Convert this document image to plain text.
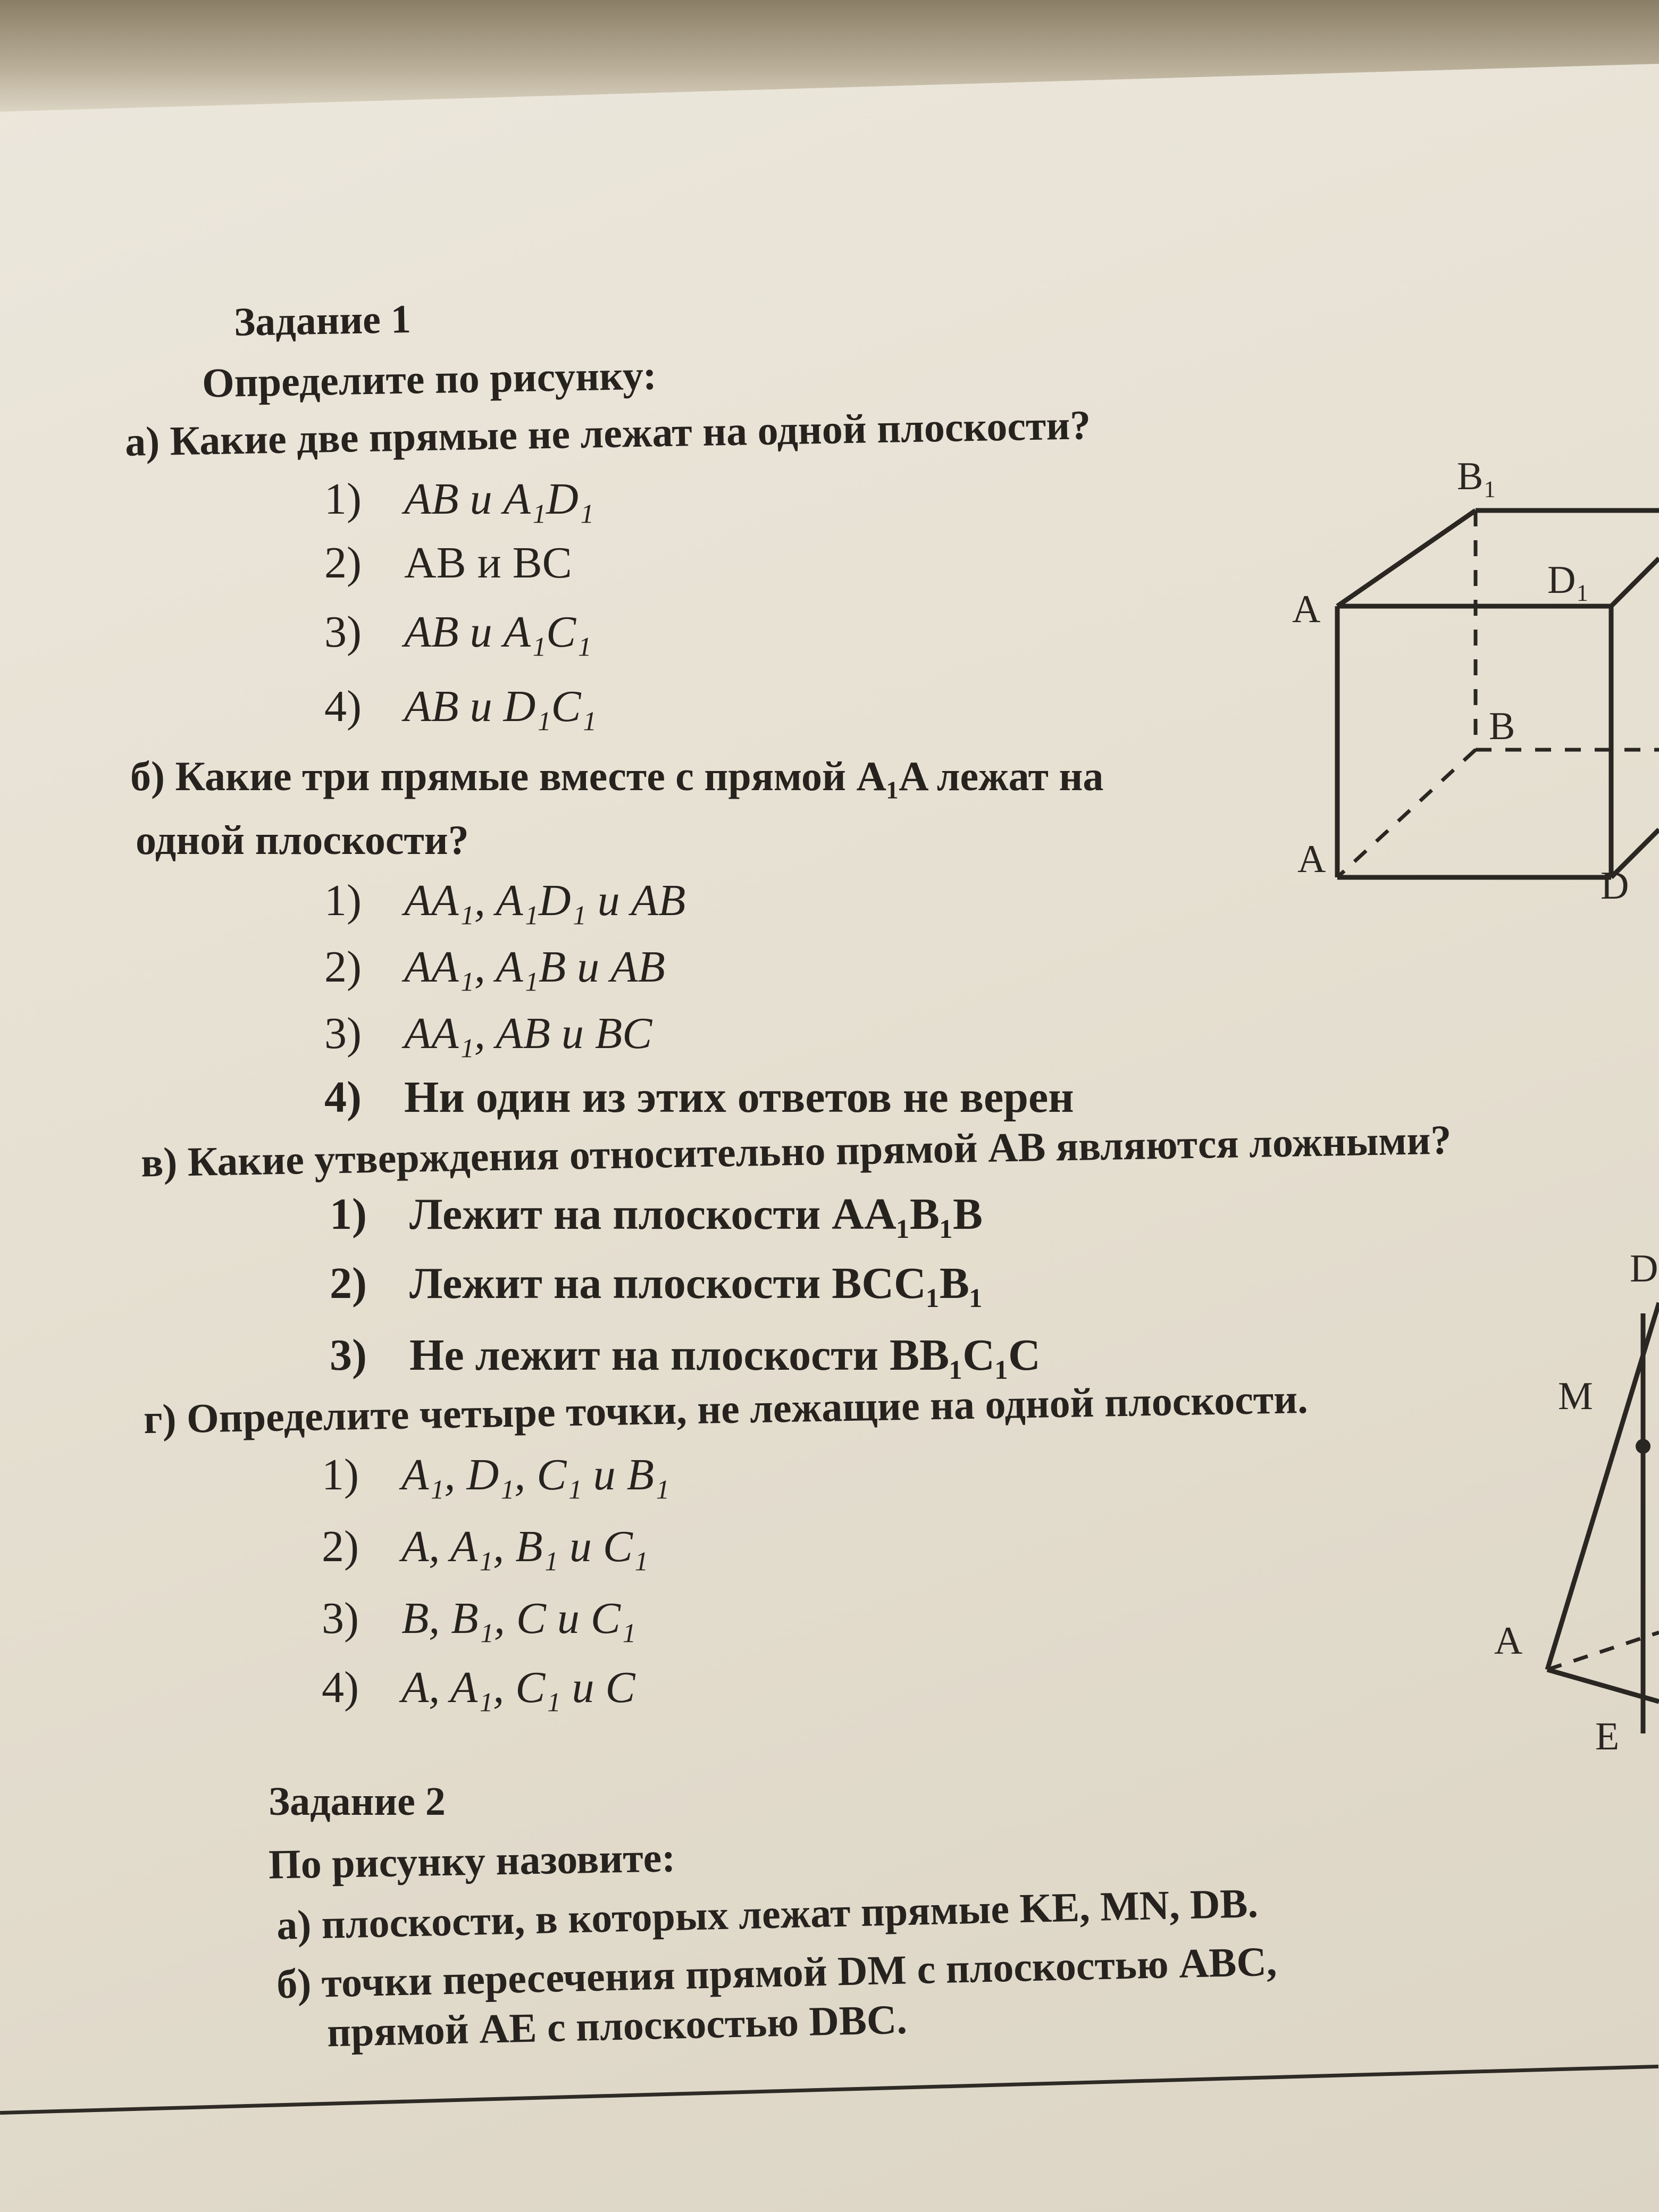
Задание 1
Определите по рисунку:
а) Какие две прямые не лежат на одной плоскости?
1) AB и A₁D₁
2) AB и BC
3) AB и A₁C₁
4) AB и D₁C₁
б) Какие три прямые вместе с прямой A₁A лежат на
одной плоскости?
1) AA₁, A₁D₁ и AB
2) AA₁, A₁B и AB
3) AA₁, AB и BC
4) Ни один из этих ответов не верен
в) Какие утверждения относительно прямой AB являются ложными?
1) Лежит на плоскости AA₁B₁B
2) Лежит на плоскости BCC₁B₁
3) Не лежит на плоскости BB₁C₁C
г) Определите четыре точки, не лежащие на одной плоскости.
1) A₁, D₁, C₁ и B₁
2) A, A₁, B₁ и C₁
3) B, B₁, C и C₁
4) A, A₁, C₁ и C
Задание 2
По рисунку назовите:
а) плоскости, в которых лежат прямые KE, MN, DB.
б) точки пересечения прямой DM с плоскостью ABC,
прямой AE с плоскостью DBC.
B₁
D₁
A
B
A
D
D
M
A
E
